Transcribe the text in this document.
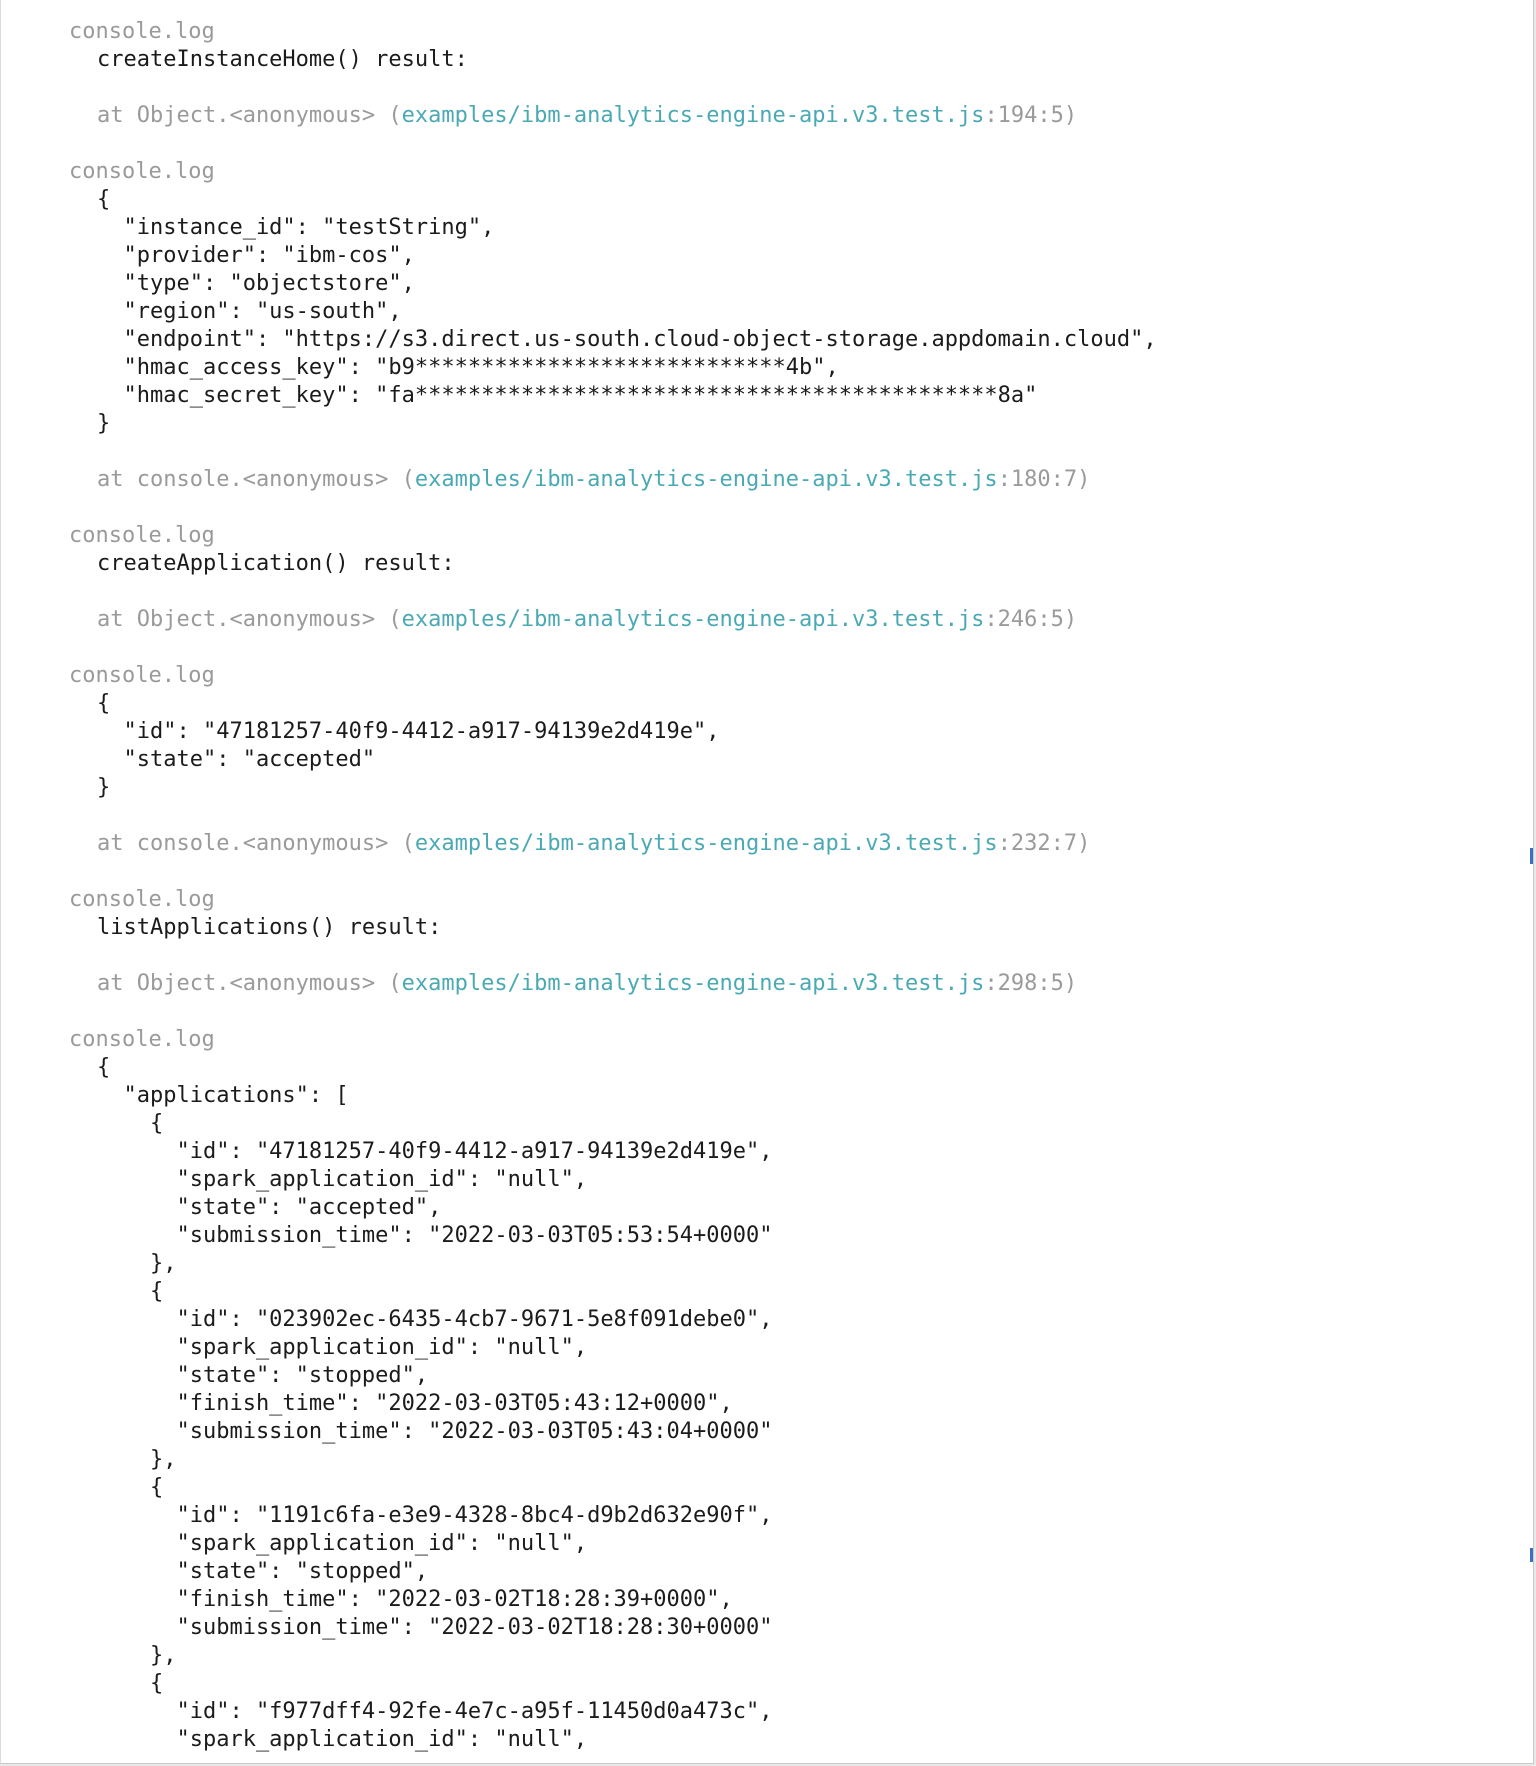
console.log
createInstanceHome() result:
at Object.<anonymous> (examples/ibm-analytics-engine-api.v3.test.js:194:5)
console.log
{
"instance_id": "testString",
"provider": "ibm-cos",
"type": "objectstore",
"region": "us-south",
"endpoint": "https://s3.direct.us-south.cloud-object-storage.appdomain.cloud",
"hmac_access_key": "b9****************************4b",
"hmac_secret_key": "fa********************************************8a"
}
at console.<anonymous> (examples/ibm-analytics-engine-api.v3.test.js:180:7)
console.log
createApplication() result:
at Object.<anonymous> (examples/ibm-analytics-engine-api.v3.test.js:246:5)
console.log
{
"id": "47181257-40f9-4412-a917-94139e2d419e",
"state": "accepted"
}
at console.<anonymous> (examples/ibm-analytics-engine-api.v3.test.js:232:7)
console.log
listApplications() result:
at Object.<anonymous> (examples/ibm-analytics-engine-api.v3.test.js:298:5)
console.log
{
"applications": [
{
"id": "47181257-40f9-4412-a917-94139e2d419e",
"spark_application_id": "null",
"state": "accepted",
"submission_time": "2022-03-03T05:53:54+0000"
},
{
"id": "023902ec-6435-4cb7-9671-5e8f091debe0",
"spark_application_id": "null",
"state": "stopped",
"finish_time": "2022-03-03T05:43:12+0000",
"submission_time": "2022-03-03T05:43:04+0000"
},
{
"id": "1191c6fa-e3e9-4328-8bc4-d9b2d632e90f",
"spark_application_id": "null",
"state": "stopped",
"finish_time": "2022-03-02T18:28:39+0000",
"submission_time": "2022-03-02T18:28:30+0000"
},
{
"id": "f977dff4-92fe-4e7c-a95f-11450d0a473c",
"spark_application_id": "null",
